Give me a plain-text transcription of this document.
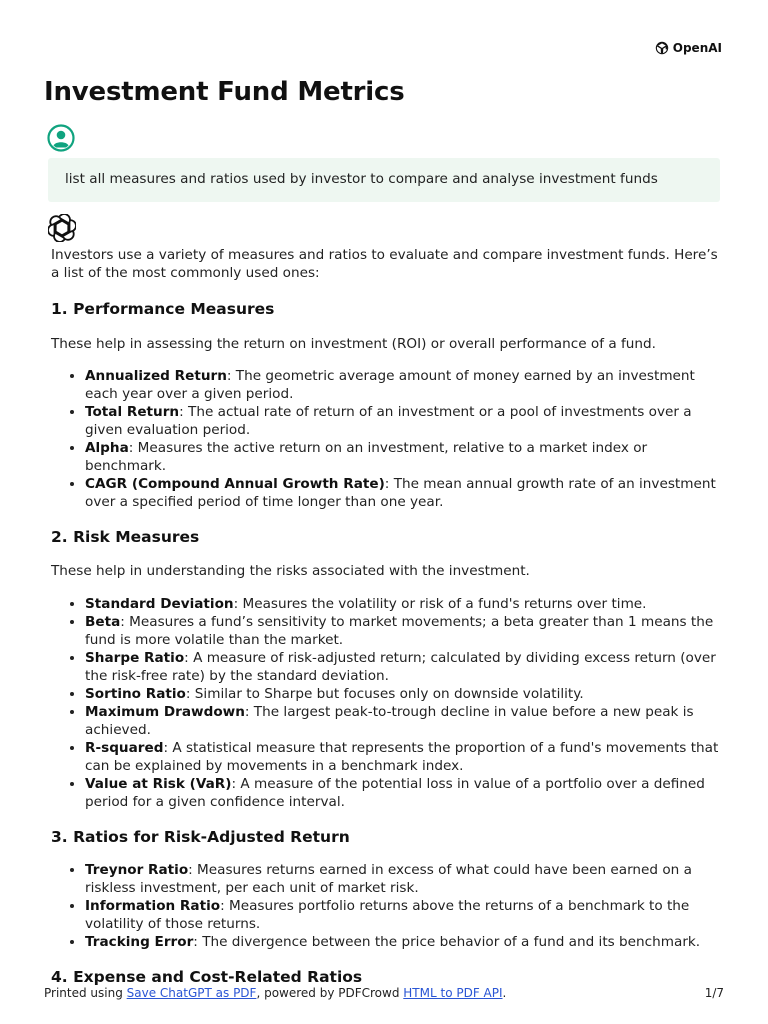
OpenAI
Investment Fund Metrics
list all measures and ratios used by investor to compare and analyse investment funds

Investors use a variety of measures and ratios to evaluate and compare investment funds. Here’s a list of the most commonly used ones:

1. Performance Measures

These help in assessing the return on investment (ROI) or overall performance of a fund.

• Annualized Return: The geometric average amount of money earned by an investment each year over a given period.
• Total Return: The actual rate of return of an investment or a pool of investments over a given evaluation period.
• Alpha: Measures the active return on an investment, relative to a market index or benchmark.
• CAGR (Compound Annual Growth Rate): The mean annual growth rate of an investment over a specified period of time longer than one year.
2. Risk Measures

These help in understanding the risks associated with the investment.

• Standard Deviation: Measures the volatility or risk of a fund's returns over time.
• Beta: Measures a fund’s sensitivity to market movements; a beta greater than 1 means the fund is more volatile than the market.
• Sharpe Ratio: A measure of risk-adjusted return; calculated by dividing excess return (over the risk-free rate) by the standard deviation.
• Sortino Ratio: Similar to Sharpe but focuses only on downside volatility.
• Maximum Drawdown: The largest peak-to-trough decline in value before a new peak is achieved.
• R-squared: A statistical measure that represents the proportion of a fund's movements that can be explained by movements in a benchmark index.
• Value at Risk (VaR): A measure of the potential loss in value of a portfolio over a defined period for a given confidence interval.
3. Ratios for Risk-Adjusted Return
• Treynor Ratio: Measures returns earned in excess of what could have been earned on a riskless investment, per each unit of market risk.
• Information Ratio: Measures portfolio returns above the returns of a benchmark to the volatility of those returns.
• Tracking Error: The divergence between the price behavior of a fund and its benchmark.
4. Expense and Cost-Related Ratios
Printed using Save ChatGPT as PDF, powered by PDFCrowd HTML to PDF API.	1/7
